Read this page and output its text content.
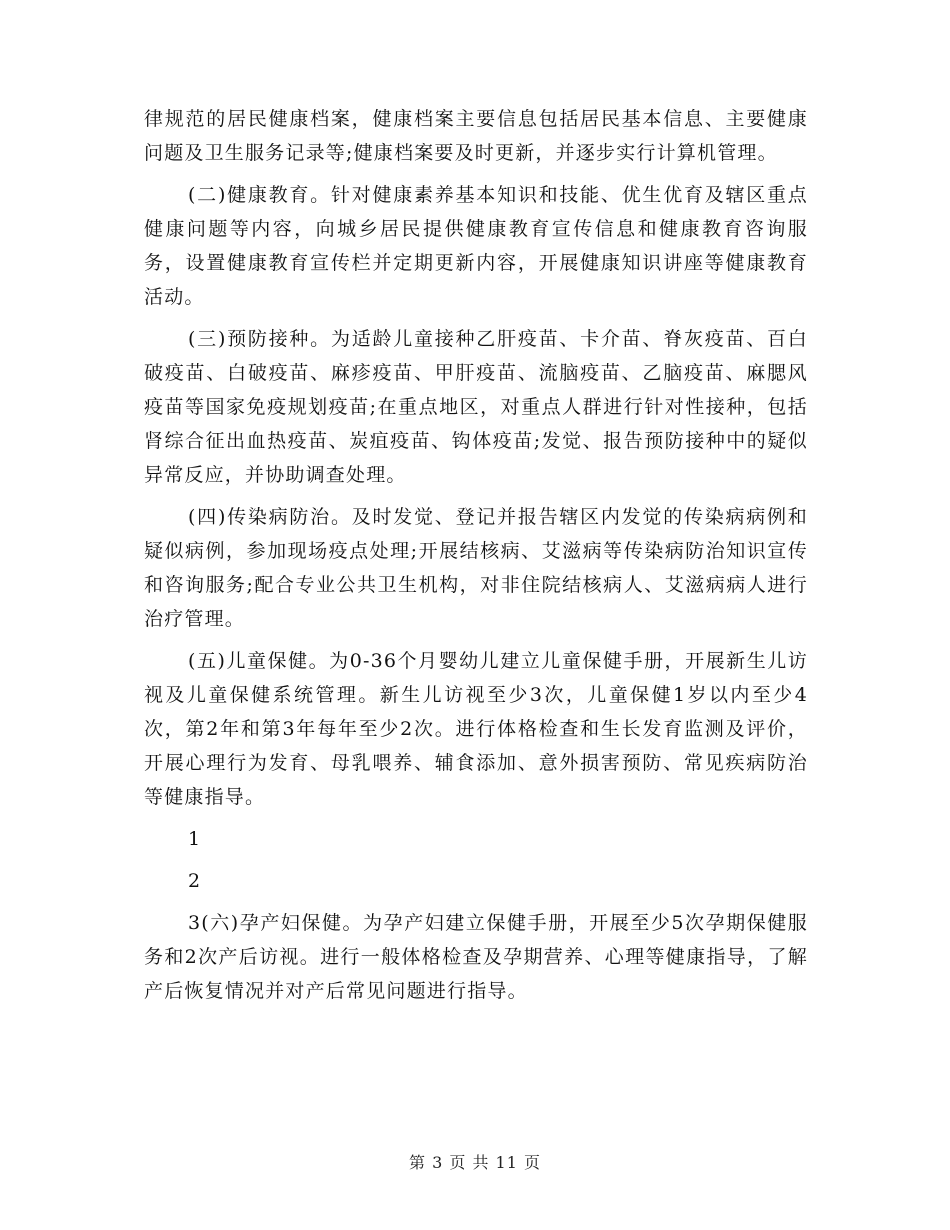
律规范的居民健康档案，健康档案主要信息包括居民基本信息、主要健康问题及卫生服务记录等;健康档案要及时更新，并逐步实行计算机管理。

(二)健康教育。针对健康素养基本知识和技能、优生优育及辖区重点健康问题等内容，向城乡居民提供健康教育宣传信息和健康教育咨询服务，设置健康教育宣传栏并定期更新内容，开展健康知识讲座等健康教育活动。

(三)预防接种。为适龄儿童接种乙肝疫苗、卡介苗、脊灰疫苗、百白破疫苗、白破疫苗、麻疹疫苗、甲肝疫苗、流脑疫苗、乙脑疫苗、麻腮风疫苗等国家免疫规划疫苗;在重点地区，对重点人群进行针对性接种，包括肾综合征出血热疫苗、炭疽疫苗、钩体疫苗;发觉、报告预防接种中的疑似异常反应，并协助调查处理。

(四)传染病防治。及时发觉、登记并报告辖区内发觉的传染病病例和疑似病例，参加现场疫点处理;开展结核病、艾滋病等传染病防治知识宣传和咨询服务;配合专业公共卫生机构，对非住院结核病人、艾滋病病人进行治疗管理。

(五)儿童保健。为0-36个月婴幼儿建立儿童保健手册，开展新生儿访视及儿童保健系统管理。新生儿访视至少3次，儿童保健1岁以内至少4次，第2年和第3年每年至少2次。进行体格检查和生长发育监测及评价，开展心理行为发育、母乳喂养、辅食添加、意外损害预防、常见疾病防治等健康指导。

1

2

3(六)孕产妇保健。为孕产妇建立保健手册，开展至少5次孕期保健服务和2次产后访视。进行一般体格检查及孕期营养、心理等健康指导，了解产后恢复情况并对产后常见问题进行指导。

第 3 页 共 11 页
